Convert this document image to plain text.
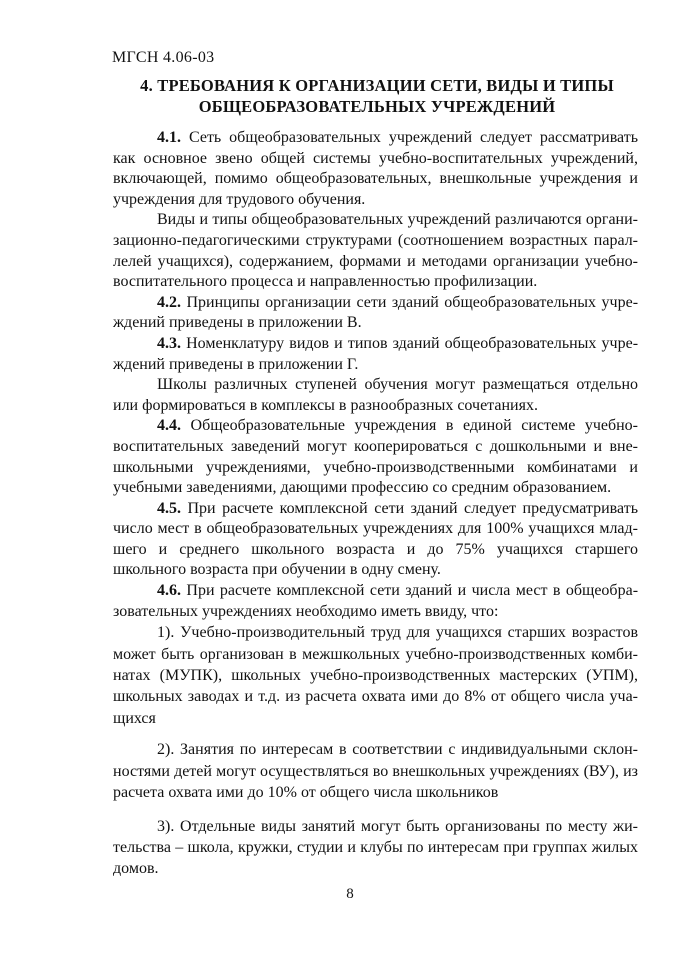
МГСН 4.06-03
4. ТРЕБОВАНИЯ К ОРГАНИЗАЦИИ СЕТИ, ВИДЫ И ТИПЫ
ОБЩЕОБРАЗОВАТЕЛЬНЫХ УЧРЕЖДЕНИЙ

4.1. Сеть общеобразовательных учреждений следует рассматривать как основное звено общей системы учебно-воспитательных учреждений, включающей, помимо общеобразовательных, внешкольные учреждения и учреждения для трудового обучения.

Виды и типы общеобразовательных учреждений различаются организационно-педагогическими структурами (соотношением возрастных параллелей учащихся), содержанием, формами и методами организации учебно-воспитательного процесса и направленностью профилизации.

4.2. Принципы организации сети зданий общеобразовательных учреждений приведены в приложении В.

4.3. Номенклатуру видов и типов зданий общеобразовательных учреждений приведены в приложении Г.

Школы различных ступеней обучения могут размещаться отдельно или формироваться в комплексы в разнообразных сочетаниях.

4.4. Общеобразовательные учреждения в единой системе учебно-воспитательных заведений могут кооперироваться с дошкольными и внешкольными учреждениями, учебно-производственными комбинатами и учебными заведениями, дающими профессию со средним образованием.

4.5. При расчете комплексной сети зданий следует предусматривать число мест в общеобразовательных учреждениях для 100% учащихся младшего и среднего школьного возраста и до 75% учащихся старшего школьного возраста при обучении в одну смену.

4.6. При расчете комплексной сети зданий и числа мест в общеобразовательных учреждениях необходимо иметь ввиду, что:

1). Учебно-производительный труд для учащихся старших возрастов может быть организован в межшкольных учебно-производственных комбинатах (МУПК), школьных учебно-производственных мастерских (УПМ), школьных заводах и т.д. из расчета охвата ими до 8% от общего числа учащихся

2). Занятия по интересам в соответствии с индивидуальными склонностями детей могут осуществляться во внешкольных учреждениях (ВУ), из расчета охвата ими до 10% от общего числа школьников

3). Отдельные виды занятий могут быть организованы по месту жительства – школа, кружки, студии и клубы по интересам при группах жилых домов.

8
